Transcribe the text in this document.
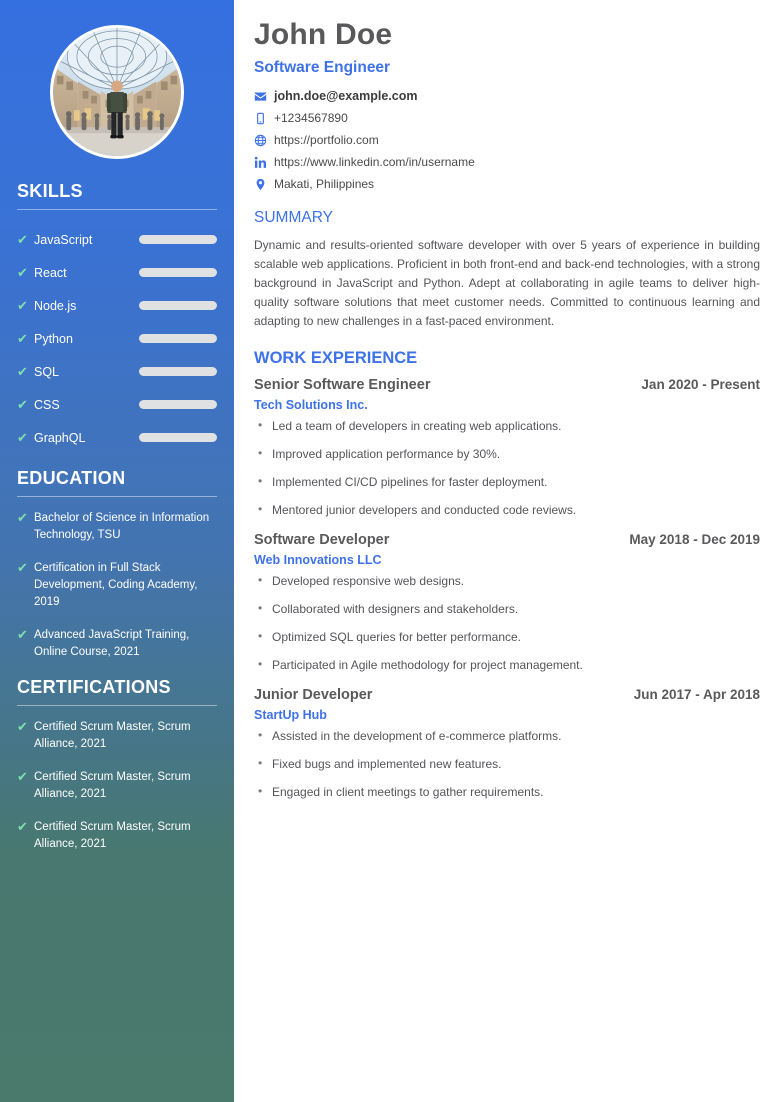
SKILLS
✔ JavaScript
✔ React
✔ Node.js
✔ Python
✔ SQL
✔ CSS
✔ GraphQL
EDUCATION
✔ Bachelor of Science in Information Technology, TSU
✔ Certification in Full Stack Development, Coding Academy, 2019
✔ Advanced JavaScript Training, Online Course, 2021
CERTIFICATIONS
✔ Certified Scrum Master, Scrum Alliance, 2021
✔ Certified Scrum Master, Scrum Alliance, 2021
✔ Certified Scrum Master, Scrum Alliance, 2021
John Doe
Software Engineer
john.doe@example.com
+1234567890
https://portfolio.com
https://www.linkedin.com/in/username
Makati, Philippines
SUMMARY

Dynamic and results-oriented software developer with over 5 years of experience in building scalable web applications. Proficient in both front-end and back-end technologies, with a strong background in JavaScript and Python. Adept at collaborating in agile teams to deliver high-quality software solutions that meet customer needs. Committed to continuous learning and adapting to new challenges in a fast-paced environment.

WORK EXPERIENCE
Senior Software Engineer	Jan 2020 - Present
Tech Solutions Inc.
• Led a team of developers in creating web applications.
• Improved application performance by 30%.
• Implemented CI/CD pipelines for faster deployment.
• Mentored junior developers and conducted code reviews.
Software Developer	May 2018 - Dec 2019
Web Innovations LLC
• Developed responsive web designs.
• Collaborated with designers and stakeholders.
• Optimized SQL queries for better performance.
• Participated in Agile methodology for project management.
Junior Developer	Jun 2017 - Apr 2018
StartUp Hub
• Assisted in the development of e-commerce platforms.
• Fixed bugs and implemented new features.
• Engaged in client meetings to gather requirements.
